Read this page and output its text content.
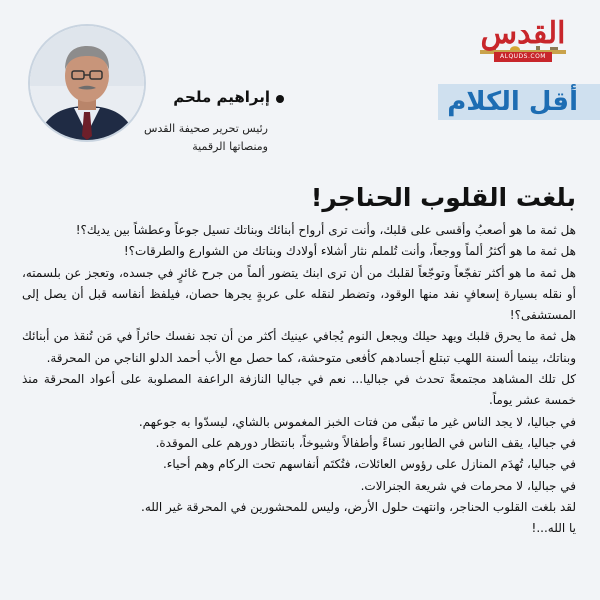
القدس
ALQUDS.COM
أقل الكلام
إبراهيم ملحم
رئيس تحرير صحيفة القدس ومنصاتها الرقمية
بلغت القلوب الحناجر!

هل ثمة ما هو أصعبُ وأقسى على قلبك، وأنت ترى أرواح أبنائك وبناتك تسيل جوعاً وعطشاً بين يديك؟!

هل ثمة ما هو أكثرُ ألماً ووجعاً، وأنت تُلملم نثار أشلاء أولادك وبناتك من الشوارع والطرقات؟!

هل ثمة ما هو أكثر تفجّعاً وتوجّعاً لقلبك من أن ترى ابنك يتضور ألماً من جرح غائرٍ في جسده، وتعجز عن بلسمته، أو نقله بسيارة إسعافٍ نفد منها الوقود، وتضطر لنقله على عربةٍ يجرها حصان، فيلفظ أنفاسه قبل أن يصل إلى المستشفى؟!

هل ثمة ما يحرق قلبك ويهد حيلك ويجعل النوم يُجافي عينيك أكثر من أن تجد نفسك حائراً في مَن تُنقذ من أبنائك وبناتك، بينما ألسنة اللهب تبتلع أجسادهم كأفعى متوحشة، كما حصل مع الأب أحمد الدلو الناجي من المحرقة.

كل تلك المشاهد مجتمعةً تحدث في جباليا... نعم في جباليا النازفة الراعفة المصلوبة على أعواد المحرقة منذ خمسة عشر يوماً.

في جباليا، لا يجد الناس غير ما تبقّى من فتات الخبز المغموس بالشاي، ليسدّوا به جوعهم.

في جباليا، يقف الناس في الطابور نساءً وأطفالاً وشيوخاً، بانتظار دورهم على الموقدة.

في جباليا، تُهدَم المنازل على رؤوس العائلات، فتُكتَم أنفاسهم تحت الركام وهم أحياء.

في جباليا، لا محرمات في شريعة الجنرالات.

لقد بلغت القلوب الحناجر، وانتهت حلول الأرض، وليس للمحشورين في المحرقة غير الله.

يا الله...!
